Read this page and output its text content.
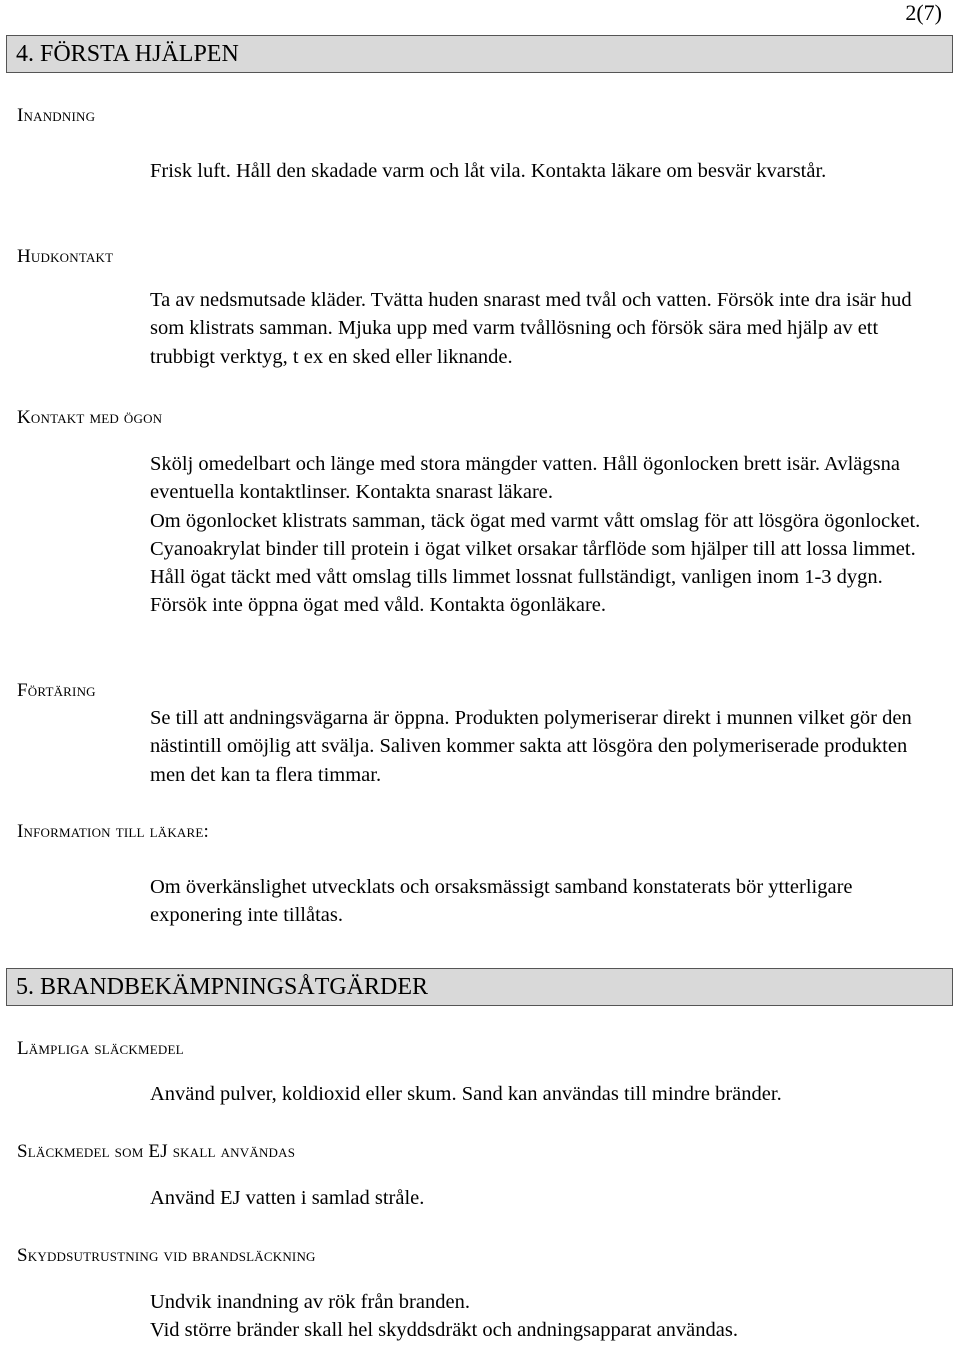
2(7)
4. FÖRSTA HJÄLPEN
Inandning

Frisk luft. Håll den skadade varm och låt vila. Kontakta läkare om besvär kvarstår.

Hudkontakt

Ta av nedsmutsade kläder. Tvätta huden snarast med tvål och vatten. Försök inte dra isär hud som klistrats samman. Mjuka upp med varm tvållösning och försök sära med hjälp av ett trubbigt verktyg, t ex en sked eller liknande.

Kontakt med ögon

Skölj omedelbart och länge med stora mängder vatten. Håll ögonlocken brett isär. Avlägsna eventuella kontaktlinser. Kontakta snarast läkare.

Om ögonlocket klistrats samman, täck ögat med varmt vått omslag för att lösgöra ögonlocket. Cyanoakrylat binder till protein i ögat vilket orsakar tårflöde som hjälper till att lossa limmet. Håll ögat täckt med vått omslag tills limmet lossnat fullständigt, vanligen inom 1-3 dygn. Försök inte öppna ögat med våld. Kontakta ögonläkare.

Förtäring

Se till att andningsvägarna är öppna. Produkten polymeriserar direkt i munnen vilket gör den nästintill omöjlig att svälja. Saliven kommer sakta att lösgöra den polymeriserade produkten men det kan ta flera timmar.

Information till läkare:

Om överkänslighet utvecklats och orsaksmässigt samband konstaterats bör ytterligare exponering inte tillåtas.

5. BRANDBEKÄMPNINGSÅTGÄRDER
Lämpliga släckmedel

Använd pulver, koldioxid eller skum. Sand kan användas till mindre bränder.

Släckmedel som EJ skall användas

Använd EJ vatten i samlad stråle.

Skyddsutrustning vid brandsläckning

Undvik inandning av rök från branden.

Vid större bränder skall hel skyddsdräkt och andningsapparat användas.
